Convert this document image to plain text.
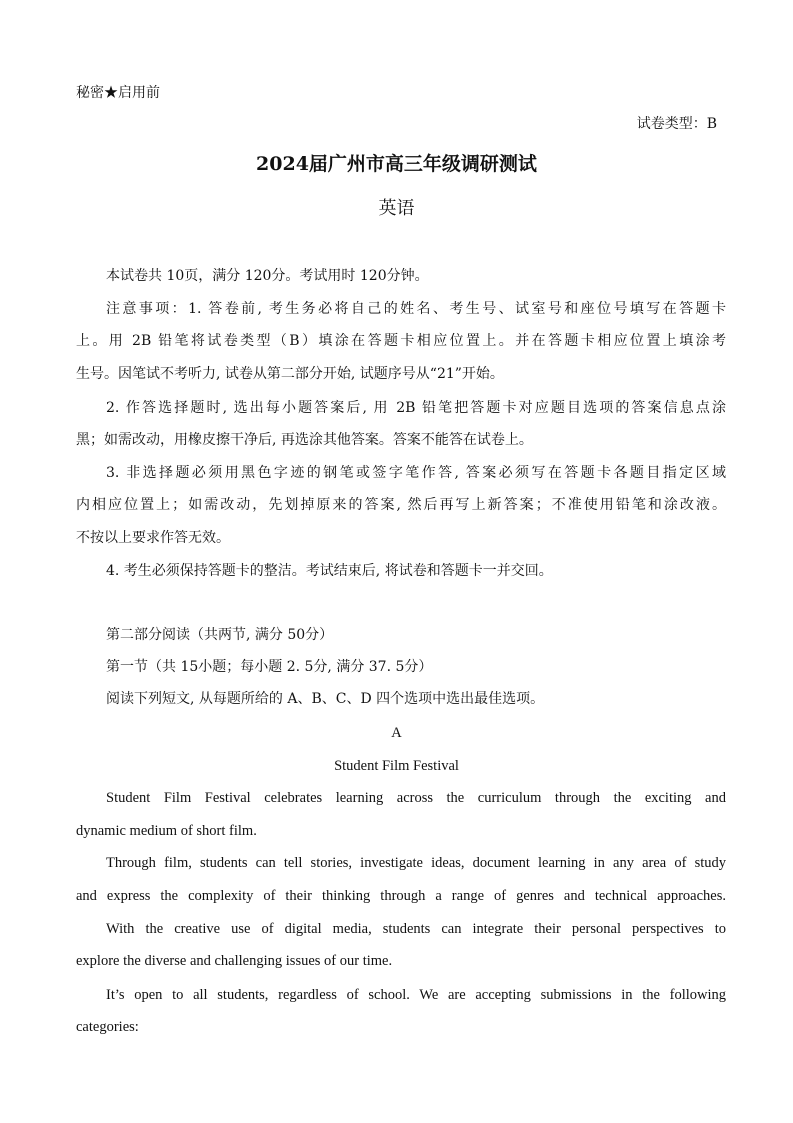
秘密★启用前
试卷类型：B
2024届广州市高三年级调研测试
英语
本试卷共 10页，满分 120分。考试用时 120分钟。
注意事项：1. 答卷前, 考生务必将自己的姓名、考生号、试室号和座位号填写在答题卡
上。用 2B 铅笔将试卷类型（B）填涂在答题卡相应位置上。并在答题卡相应位置上填涂考
生号。因笔试不考听力, 试卷从第二部分开始, 试题序号从“21”开始。
2. 作答选择题时, 选出每小题答案后, 用 2B 铅笔把答题卡对应题目选项的答案信息点涂
黑；如需改动，用橡皮擦干净后, 再选涂其他答案。答案不能答在试卷上。
3. 非选择题必须用黑色字迹的钢笔或签字笔作答, 答案必须写在答题卡各题目指定区域
内相应位置上；如需改动，先划掉原来的答案, 然后再写上新答案；不准使用铅笔和涂改液。
不按以上要求作答无效。
4. 考生必须保持答题卡的整洁。考试结束后, 将试卷和答题卡一并交回。
第二部分阅读（共两节, 满分 50分）
第一节（共 15小题；每小题 2. 5分, 满分 37. 5分）
阅读下列短文, 从每题所给的 A、B、C、D 四个选项中选出最佳选项。
A
Student Film Festival
Student Film Festival celebrates learning across the curriculum through the exciting and
dynamic medium of short film.
Through film, students can tell stories, investigate ideas, document learning in any area of study
and express the complexity of their thinking through a range of genres and technical approaches.
With the creative use of digital media, students can integrate their personal perspectives to
explore the diverse and challenging issues of our time.
It’s open to all students, regardless of school. We are accepting submissions in the following
categories:
